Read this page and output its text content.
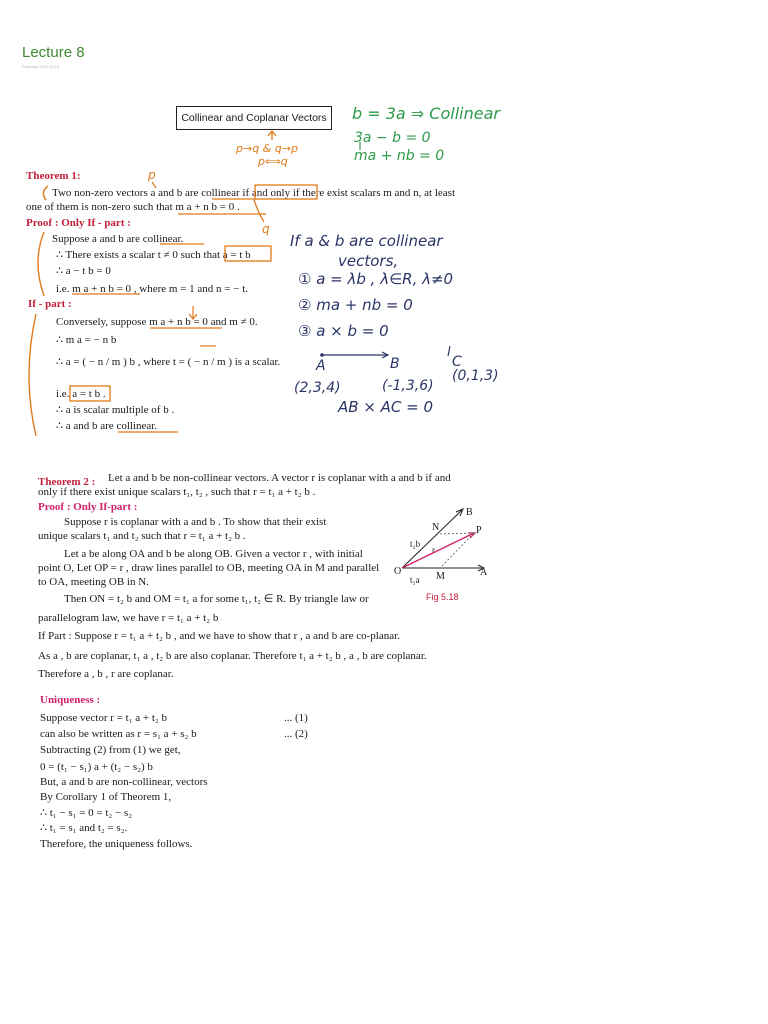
Lecture 8
February 2023 10:15
Collinear and Coplanar Vectors	b = 3a ⇒ Collinear
3a − b = 0
ma + nb = 0
p→q & q→p
p⟺q
p
q
Theorem 1:
Two non-zero vectors a and b are collinear if and only if there exist scalars m and n, at least
one of them is non-zero such that m a + n b = 0 .
Proof : Only If - part :
Suppose a and b are collinear.
∴ There exists a scalar t ≠ 0 such that a = t b
∴ a − t b = 0
i.e. m a + n b = 0 , where m = 1 and n = − t.
If a & b are collinear
vectors,
① a = λb , λ∈R, λ≠0
② ma + nb = 0
③ a × b = 0
If - part :
Conversely, suppose m a + n b = 0 and m ≠ 0.
∴ m a = − n b
∴ a = ( − n / m ) b , where t = ( − n / m ) is a scalar.
i.e. a = t b .
∴ a is scalar multiple of b .
∴ a and b are collinear.
A	B	C
(2,3,4)	(-1,3,6)
(0,1,3)
AB × AC = 0
Theorem 2 : Let a and b be non-collinear vectors. A vector r is coplanar with a and b if and
only if there exist unique scalars t₁, t₂ , such that r = t₁ a + t₂ b .
Proof : Only If-part :
Suppose r is coplanar with a and b . To show that their exist
unique scalars t₁ and t₂ such that r = t₁ a + t₂ b .
Let a be along OA and b be along OB. Given a vector r , with initial
point O, Let OP = r , draw lines parallel to OB, meeting OA in M and parallel
to OA, meeting OB in N.
Then ON = t₂ b and OM = t₁ a for some t₁, t₂ ∈ R. By triangle law or
parallelogram law, we have r = t₁ a + t₂ b
If Part : Suppose r = t₁ a + t₂ b , and we have to show that r , a and b are co-planar.
As a , b are coplanar, t₁ a , t₂ b are also coplanar. Therefore t₁ a + t₂ b , a , b are coplanar.
Therefore a , b , r are coplanar.
B
N	P
t₂b
r
O	M	A
t₁a
Fig 5.18
Uniqueness :
Suppose vector r = t₁ a + t₂ b	... (1)
can also be written as r = s₁ a + s₂ b	... (2)
Subtracting (2) from (1) we get,
0 = (t₁ − s₁) a + (t₂ − s₂) b
But, a and b are non-collinear, vectors
By Corollary 1 of Theorem 1,
∴ t₁ − s₁ = 0 = t₂ − s₂
∴ t₁ = s₁ and t₂ = s₂.
Therefore, the uniqueness follows.
